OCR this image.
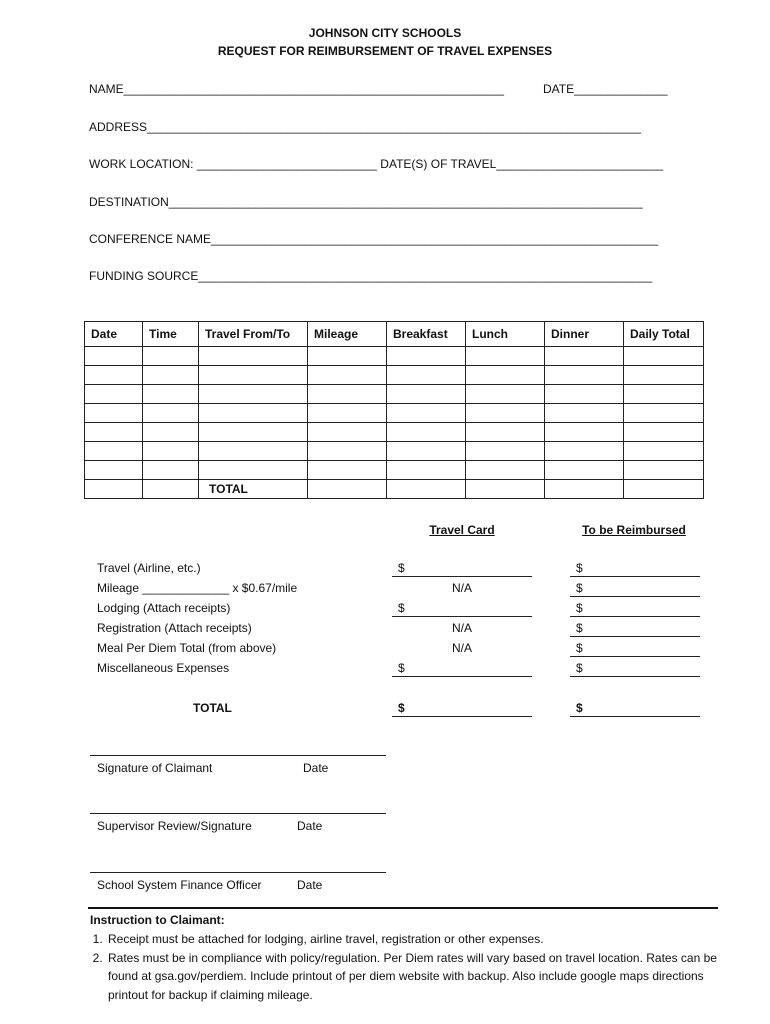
JOHNSON CITY SCHOOLS
REQUEST FOR REIMBURSEMENT OF TRAVEL EXPENSES
NAME_________________________________________________________	DATE______________
ADDRESS__________________________________________________________________________
WORK LOCATION: ___________________________ DATE(S) OF TRAVEL_________________________
DESTINATION_______________________________________________________________________
CONFERENCE NAME___________________________________________________________________
FUNDING SOURCE____________________________________________________________________
Date	Time	Travel From/To	Mileage	Breakfast	Lunch	Dinner	Daily Total

		TOTAL					
Travel Card	To be Reimbursed
Travel (Airline, etc.)	$	$
Mileage _____________ x $0.67/mile	N/A	$
Lodging (Attach receipts)	$	$
Registration (Attach receipts)	N/A	$
Meal Per Diem Total (from above)	N/A	$
Miscellaneous Expenses	$	$
TOTAL	$	$
Signature of Claimant	Date
Supervisor Review/Signature	Date
School System Finance Officer	Date
Instruction to Claimant:
1. Receipt must be attached for lodging, airline travel, registration or other expenses.
2. Rates must be in compliance with policy/regulation. Per Diem rates will vary based on travel location. Rates can be found at gsa.gov/perdiem. Include printout of per diem website with backup. Also include google maps directions printout for backup if claiming mileage.
